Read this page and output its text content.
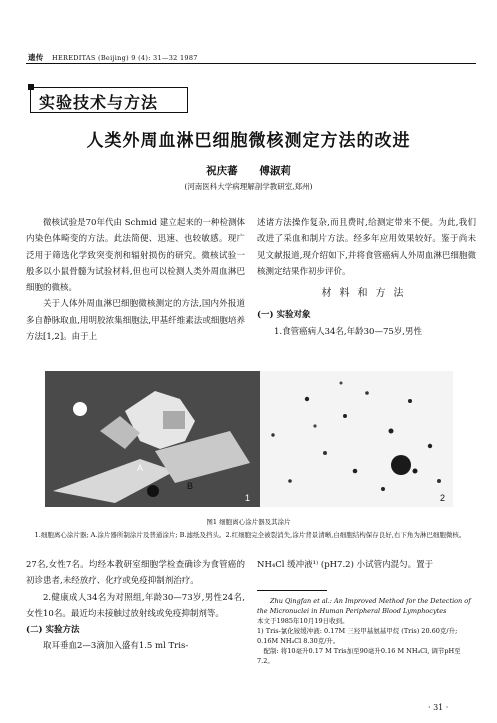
遗传 HEREDITAS (Beijing) 9 (4): 31—32 1987
实验技术与方法
人类外周血淋巴细胞微核测定方法的改进
祝庆蕃 傅淑莉
(河南医科大学病理解剖学教研室,郑州)

微核试验是70年代由 Schmid 建立起来的一种检测体内染色体畸变的方法。此法简便、迅速、也较敏感。现广泛用于筛选化学致突变剂和辐射损伤的研究。微核试验一般多以小鼠骨髓为试验材料,但也可以检测人类外周血淋巴细胞的微核。

关于人体外周血淋巴细胞微核测定的方法,国内外报道多自静脉取血,用明胶浓集细胞法,甲基纤维素法或细胞培养方法[1,2]。由于上

述诸方法操作复杂,而且费时,给测定带来不便。为此,我们改进了采血和制片方法。经多年应用效果较好。鉴于尚未见文献报道,现介绍如下,并将食管癌病人外周血淋巴细胞微核测定结果作初步评价。

材料和方法

(一) 实验对象

1.食管癌病人34名,年龄30—75岁,男性

A
B
1	2
图1 细胞离心涂片器及其涂片
1.细胞离心涂片器; A.涂片器所制涂片及普通涂片; B.滤纸及挡头。2.红细胞完全被裂消失,涂片背景清晰,白细胞结构保存良好,右下角为淋巴细胞微核。

27名,女性7名。均经本教研室细胞学检查确诊为食管癌的初诊患者,未经放疗、化疗或免疫抑制剂治疗。

2.健康成人34名为对照组,年龄30—73岁,男性24名,女性10名。最近均未接触过放射线或免疫抑制剂等。

(二) 实验方法

取耳垂血2—3滴加入盛有1.5 ml Tris-

NH₄Cl 缓冲液¹⁾ (pH7.2) 小试管内混匀。置于

Zhu Qingfan et al.: An Improved Method for the Detection of the Micronuclei in Human Peripheral Blood Lymphocytes
本文于1985年10月19日收到。
1) Tris-氯化铵缓冲液: 0.17M 三羟甲基氨基甲烷 (Tris) 20.60克/升; 0.16M NH₄Cl 8.30克/升。
配制: 将10毫升0.17 M Tris加至90毫升0.16 M NH₄Cl, 调节pH至7.2。
· 31 ·
